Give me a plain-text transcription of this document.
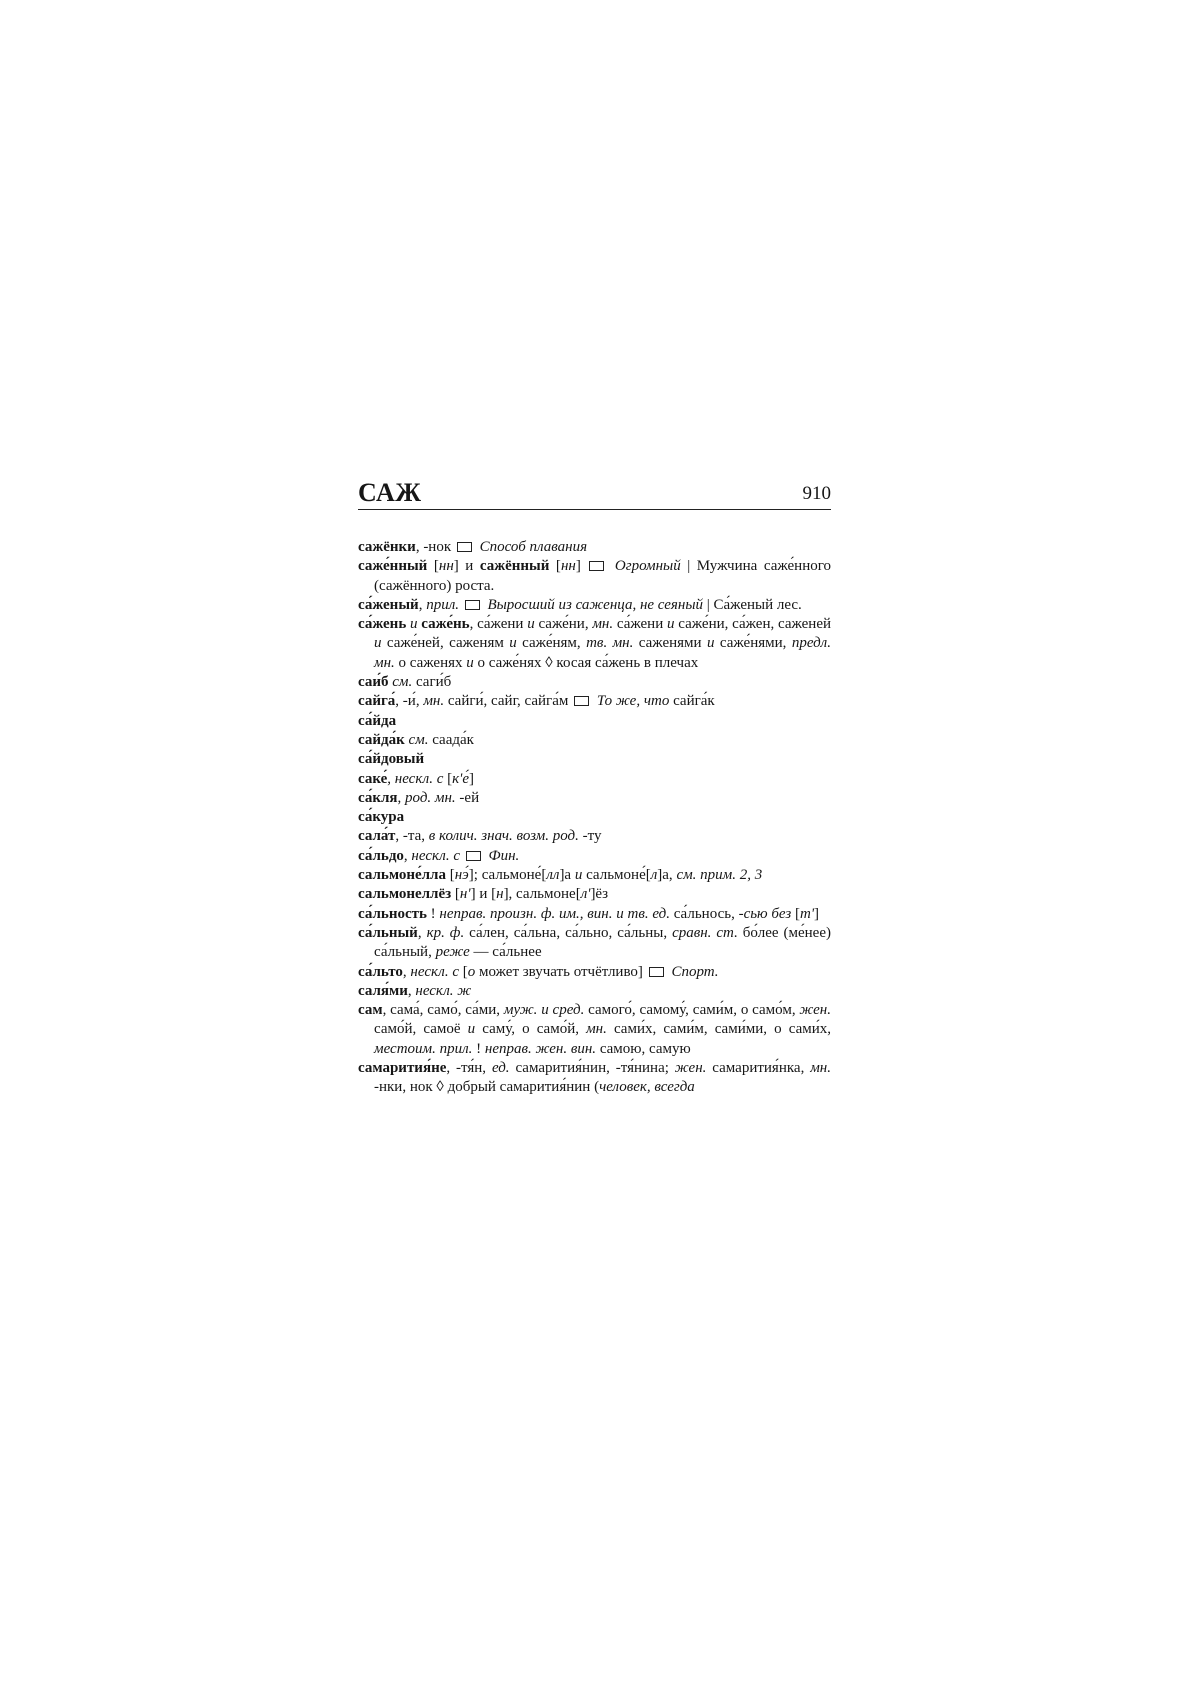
САЖ	910

сажёнки, -нок  Способ плавания

саже́нный [нн] и сажённый [нн]  Огромный | Мужчина саже́нного (сажённого) роста.

са́женый, прил. Выросший из саженца, не сеяный | Са́женый лес.

са́жень и саже́нь, са́жени и саже́ни, мн. са́жени и саже́ни, са́жен, саженей и саже́ней, саженям и саже́ням, тв. мн. саженями и саже́нями, предл. мн. о саженях и о саже́нях ◊ косая са́жень в плечах

саи́б см. саги́б

сайга́, -и́, мн. сайги́, сайг, сайга́м  То же, что сайга́к

са́йда

сайда́к см. саада́к

са́йдовый

саке́, нескл. с [к'е́]

са́кля, род. мн. -ей

са́кура

сала́т, -та, в колич. знач. возм. род. -ту

са́льдо, нескл. с Фин.

сальмоне́лла [нэ́]; сальмоне́[лл]а и сальмоне́[л]а, см. прим. 2, 3

сальмонеллёз [н'] и [н], сальмоне[л']ёз

са́льность ! неправ. произн. ф. им., вин. и тв. ед. са́льнось, -сью без [т']

са́льный, кр. ф. са́лен, са́льна, са́льно, са́льны, сравн. ст. бо́лее (ме́нее) са́льный, реже — са́льнее

са́льто, нескл. с [о может звучать отчётливо]  Спорт.

саля́ми, нескл. ж

сам, сама́, само́, са́ми, муж. и сред. самого́, самому́, сами́м, о само́м, жен. само́й, самоё и саму́, о само́й, мн. сами́х, сами́м, сами́ми, о сами́х, местоим. прил. ! неправ. жен. вин. самою, самую

самарития́не, -тя́н, ед. самарития́нин, -тя́нина; жен. самарития́нка, мн. -нки, нок ◊ добрый самарития́нин (человек, всегда
